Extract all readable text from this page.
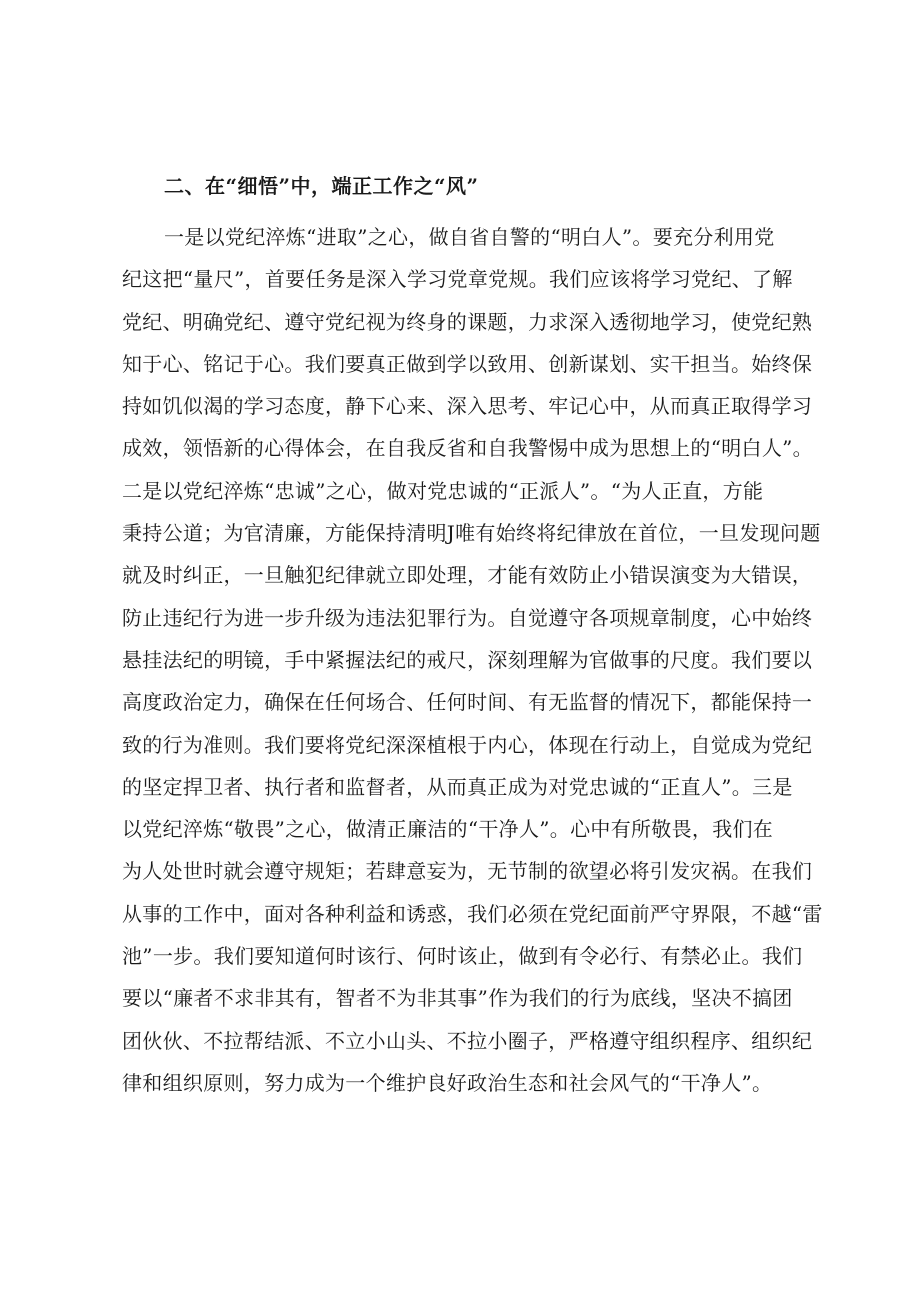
二、在“细悟”中，端正工作之“风”
一是以党纪淬炼“进取”之心，做自省自警的“明白人”。要充分利用党
纪这把“量尺”，首要任务是深入学习党章党规。我们应该将学习党纪、了解
党纪、明确党纪、遵守党纪视为终身的课题，力求深入透彻地学习，使党纪熟
知于心、铭记于心。我们要真正做到学以致用、创新谋划、实干担当。始终保
持如饥似渴的学习态度，静下心来、深入思考、牢记心中，从而真正取得学习
成效，领悟新的心得体会，在自我反省和自我警惕中成为思想上的“明白人”。
二是以党纪淬炼“忠诚”之心，做对党忠诚的“正派人”。“为人正直，方能
秉持公道；为官清廉，方能保持清明J唯有始终将纪律放在首位，一旦发现问题
就及时纠正，一旦触犯纪律就立即处理，才能有效防止小错误演变为大错误，
防止违纪行为进一步升级为违法犯罪行为。自觉遵守各项规章制度，心中始终
悬挂法纪的明镜，手中紧握法纪的戒尺，深刻理解为官做事的尺度。我们要以
高度政治定力，确保在任何场合、任何时间、有无监督的情况下，都能保持一
致的行为准则。我们要将党纪深深植根于内心，体现在行动上，自觉成为党纪
的坚定捍卫者、执行者和监督者，从而真正成为对党忠诚的“正直人”。三是
以党纪淬炼“敬畏”之心，做清正廉洁的“干净人”。心中有所敬畏，我们在
为人处世时就会遵守规矩；若肆意妄为，无节制的欲望必将引发灾祸。在我们
从事的工作中，面对各种利益和诱惑，我们必须在党纪面前严守界限，不越“雷
池”一步。我们要知道何时该行、何时该止，做到有令必行、有禁必止。我们
要以“廉者不求非其有，智者不为非其事”作为我们的行为底线，坚决不搞团
团伙伙、不拉帮结派、不立小山头、不拉小圈子，严格遵守组织程序、组织纪
律和组织原则，努力成为一个维护良好政治生态和社会风气的“干净人”。
